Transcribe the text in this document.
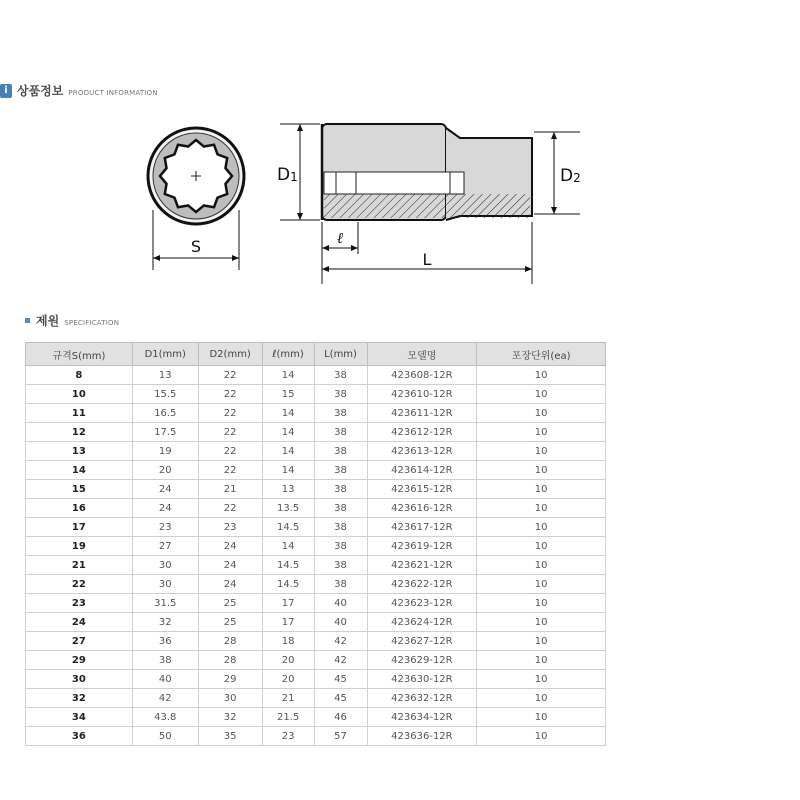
i 상품정보 PRODUCT INFORMATION
S
D1	D2
ℓ
L
제원 SPECIFICATION
규격S(mm)	D1(mm)	D2(mm)	ℓ(mm)	L(mm)	모델명	포장단위(ea)
8	13	22	14	38	423608-12R	10
10	15.5	22	15	38	423610-12R	10
11	16.5	22	14	38	423611-12R	10
12	17.5	22	14	38	423612-12R	10
13	19	22	14	38	423613-12R	10
14	20	22	14	38	423614-12R	10
15	24	21	13	38	423615-12R	10
16	24	22	13.5	38	423616-12R	10
17	23	23	14.5	38	423617-12R	10
19	27	24	14	38	423619-12R	10
21	30	24	14.5	38	423621-12R	10
22	30	24	14.5	38	423622-12R	10
23	31.5	25	17	40	423623-12R	10
24	32	25	17	40	423624-12R	10
27	36	28	18	42	423627-12R	10
29	38	28	20	42	423629-12R	10
30	40	29	20	45	423630-12R	10
32	42	30	21	45	423632-12R	10
34	43.8	32	21.5	46	423634-12R	10
36	50	35	23	57	423636-12R	10
